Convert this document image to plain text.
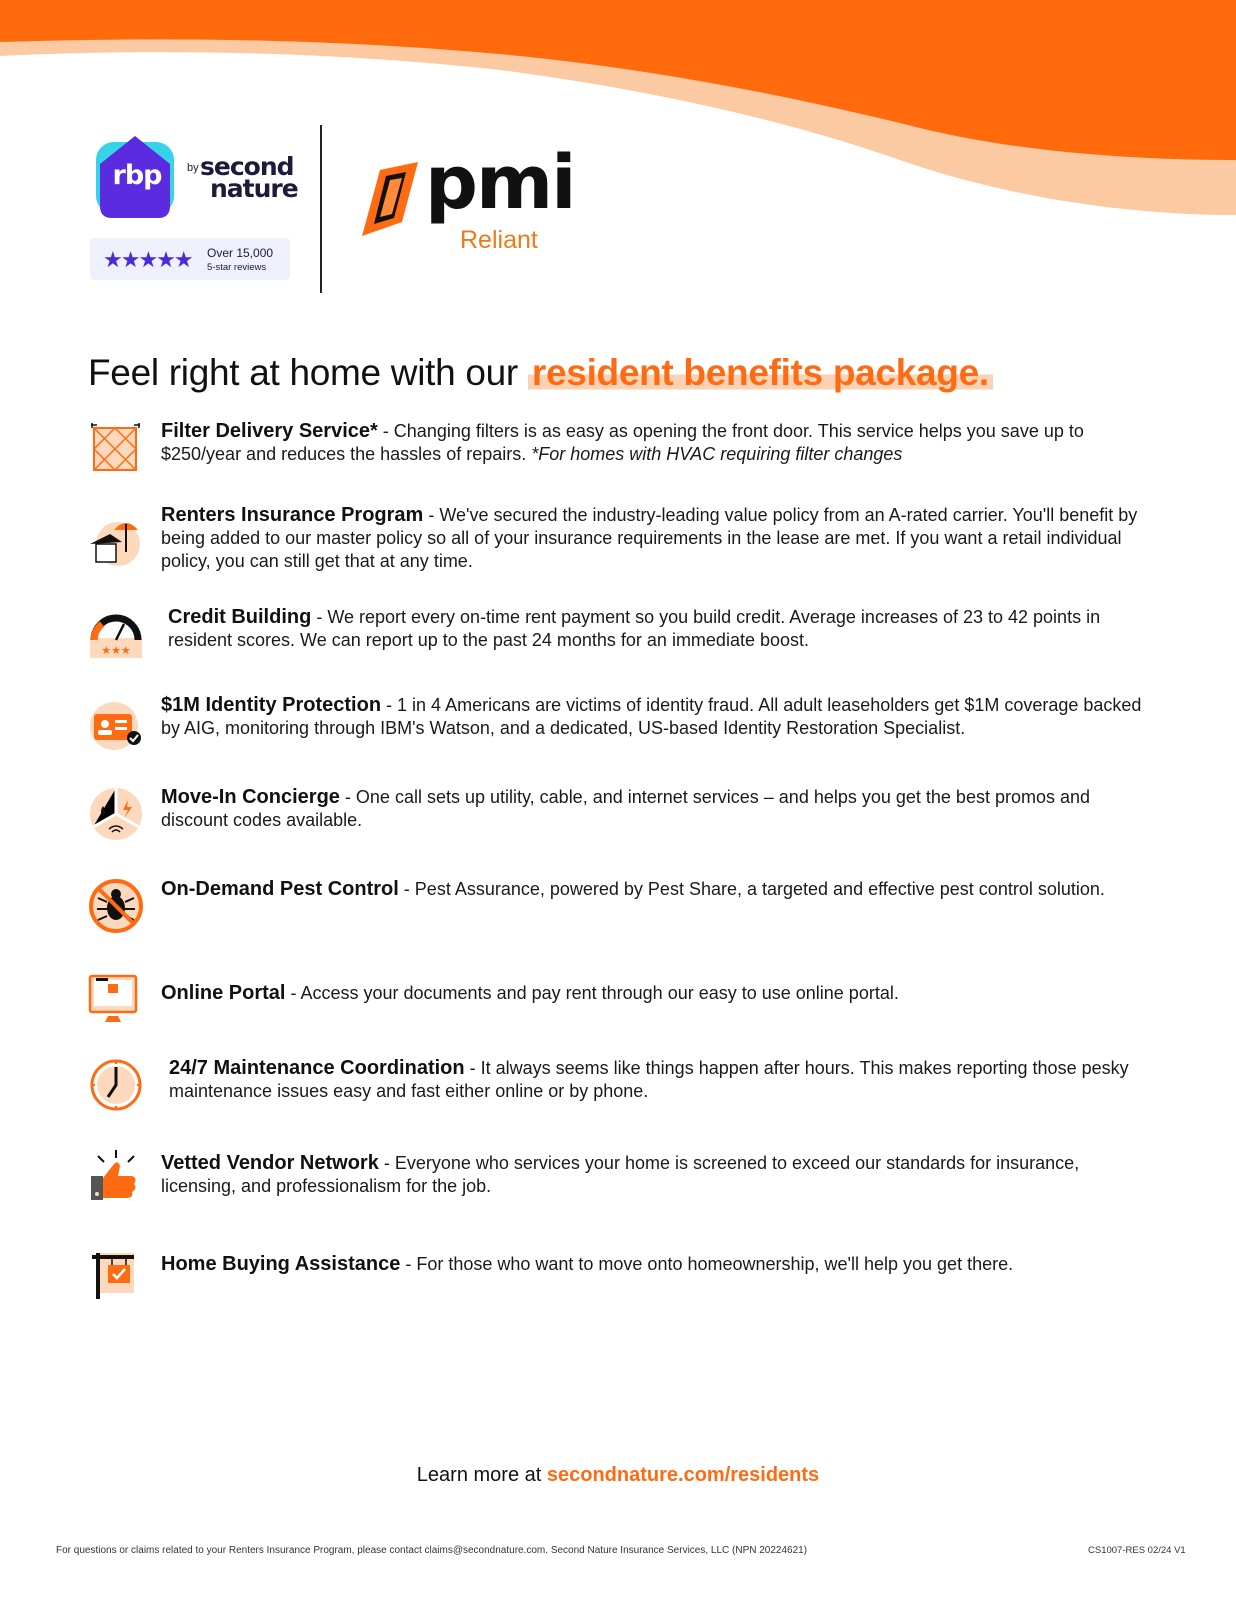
rbp	by second
nature
★★★★★ Over 15,000
5-star reviews
pmi
Reliant
Feel right at home with our resident benefits package.
Filter Delivery Service* - Changing filters is as easy as opening the front door. This service helps you save up to $250/year and reduces the hassles of repairs. *For homes with HVAC requiring filter changes
Renters Insurance Program - We've secured the industry-leading value policy from an A-rated carrier. You'll benefit by being added to our master policy so all of your insurance requirements in the lease are met. If you want a retail individual policy, you can still get that at any time.
★★★
Credit Building - We report every on-time rent payment so you build credit. Average increases of 23 to 42 points in resident scores. We can report up to the past 24 months for an immediate boost.
$1M Identity Protection - 1 in 4 Americans are victims of identity fraud. All adult leaseholders get $1M coverage backed by AIG, monitoring through IBM's Watson, and a dedicated, US-based Identity Restoration Specialist.
Move-In Concierge - One call sets up utility, cable, and internet services – and helps you get the best promos and discount codes available.
On-Demand Pest Control - Pest Assurance, powered by Pest Share, a targeted and effective pest control solution.
Online Portal - Access your documents and pay rent through our easy to use online portal.
24/7 Maintenance Coordination - It always seems like things happen after hours. This makes reporting those pesky maintenance issues easy and fast either online or by phone.
Vetted Vendor Network - Everyone who services your home is screened to exceed our standards for insurance, licensing, and professionalism for the job.
Home Buying Assistance - For those who want to move onto homeownership, we'll help you get there.
Learn more at secondnature.com/residents
For questions or claims related to your Renters Insurance Program, please contact claims@secondnature.com. Second Nature Insurance Services, LLC (NPN 20224621)	CS1007-RES 02/24 V1
